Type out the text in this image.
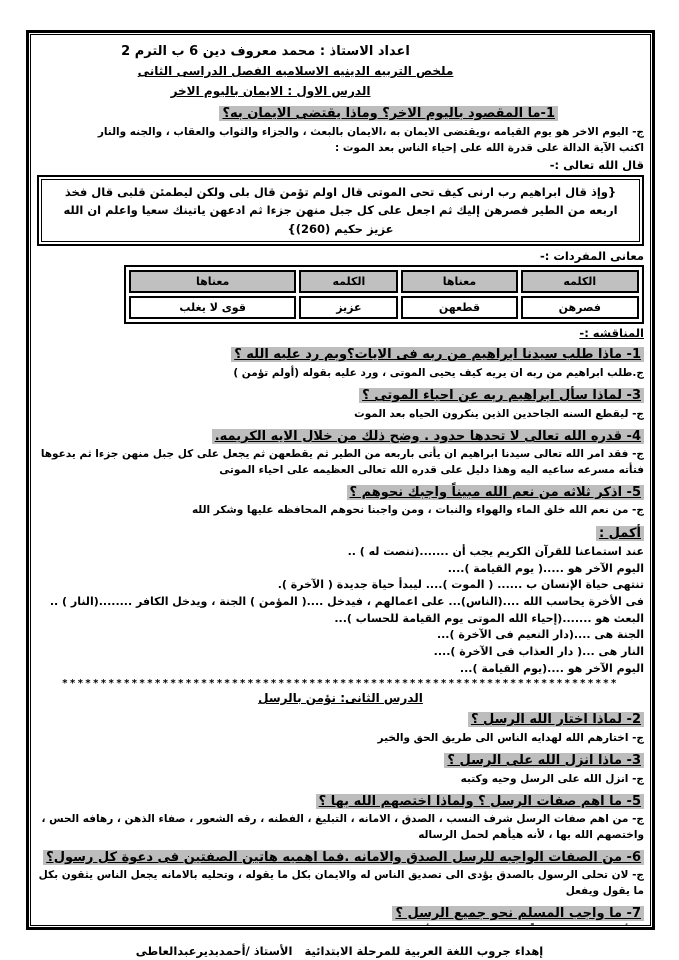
اعداد الاستاذ : محمد معروف دين 6 ب الترم 2
ملخص التربيه الدينيه الاسلاميه الفصل الدراسى الثانى
الدرس الاول : الايمان باليوم الاخر
1-ما المقصود باليوم الاخر؟ وماذا يقتضى الايمان به؟
ج- اليوم الاخر هو يوم القيامه ،ويقتضى الايمان به ،الايمان بالبعث ، والجزاء والثواب والعقاب ، والجنه والنار
اكتب الآية الدالة على قدرة الله على إحياء الناس بعد الموت :
قال الله تعالى :-
{وإذ قال ابراهيم رب ارنى كيف تحى الموتى قال اولم تؤمن قال بلى ولكن ليطمئن قلبى قال فخذ اربعه من الطير فصرهن إليك ثم اجعل على كل جبل منهن جزءا ثم ادعهن ياتينك سعيا واعلم ان الله عزيز حكيم (260)}
معانى المفردات :-
الكلمه	معناها	الكلمه	معناها
فصرهن	قطعهن	عزيز	قوى لا يغلب
المناقشه :-
1- ماذا طلب سيدنا ابراهيم من ربه فى الايات؟وبم رد عليه الله ؟
ج.طلب ابراهيم من ربه ان يريه كيف يحيى الموتى ، ورد عليه بقوله (أولم تؤمن )
3- لماذا سأل ابراهيم ربه عن احياء الموتى ؟
ج- ليقطع السنه الجاحدين الذين ينكرون الحياه بعد الموت
4- قدره الله تعالى لا تحدها حدود . وضح ذلك من خلال الايه الكريمه.
ج- فقد امر الله تعالى سيدنا ابراهيم ان يأتى باربعه من الطير ثم يقطعهن ثم يجعل على كل جبل منهن جزءا ثم يدعوها فتأته مسرعه ساعيه اليه وهذا دليل على قدره الله تعالى العظيمه على احياء الموتى
5- اذكر ثلاثه من نعم الله مبيناً واجبك نحوهم ؟
ج- من نعم الله خلق الماء والهواء والنبات ، ومن واجبنا نحوهم المحافظه عليها وشكر الله
أكمل :
عند استماعنا للقرآن الكريم يجب أن .......(ننصت له ) ..
اليوم الآخر هو .....( يوم القيامة )....
تنتهى حياة الإنسان ب ...... ( الموت ).... ليبدأ حياة جديدة ( الآخرة ).
فى الأخرة يحاسب الله ....(الناس)... على اعمالهم ، فيدخل ....( المؤمن ) الجنة ، ويدخل الكافر ........(النار ) ..
البعث هو .......(إحياء الله الموتى يوم القيامة للحساب )...
الجنة هى ....(دار النعيم فى الآخرة )...
النار هى ...( دار العذاب فى الآخرة )....
اليوم الآخر هو ....(يوم القيامة )...
************************************************************************
الدرس الثانى: نؤمن بالرسل
2- لماذا اختار الله الرسل ؟
ج- اختارهم الله لهدايه الناس الى طريق الحق والخير
3- ماذا انزل الله على الرسل ؟
ج- انزل الله على الرسل وحيه وكتبه
5- ما اهم صفات الرسل ؟ ولماذا اختصهم الله بها ؟
ج- من اهم صفات الرسل شرف النسب ، الصدق ، الامانه ، التبليغ ، الفطنه ، رقه الشعور ، صفاء الذهن ، رهافه الحس ، واختصهم الله بها ، لأنه هيأهم لحمل الرساله
6- من الصفات الواجبه للرسل الصدق والامانه .فما اهميه هاتين الصفتين فى دعوة كل رسول؟
ج- لان تحلى الرسول بالصدق يؤدى الى تصديق الناس له والايمان بكل ما يقوله ، وتحليه بالامانه يجعل الناس يثقون بكل ما يقول ويفعل
7- ما واجب المسلم نحو جميع الرسل ؟
إهداء جروب اللغة العربية للمرحلة الابتدائية   الأستاذ /أحمدبديرعبدالعاطى
